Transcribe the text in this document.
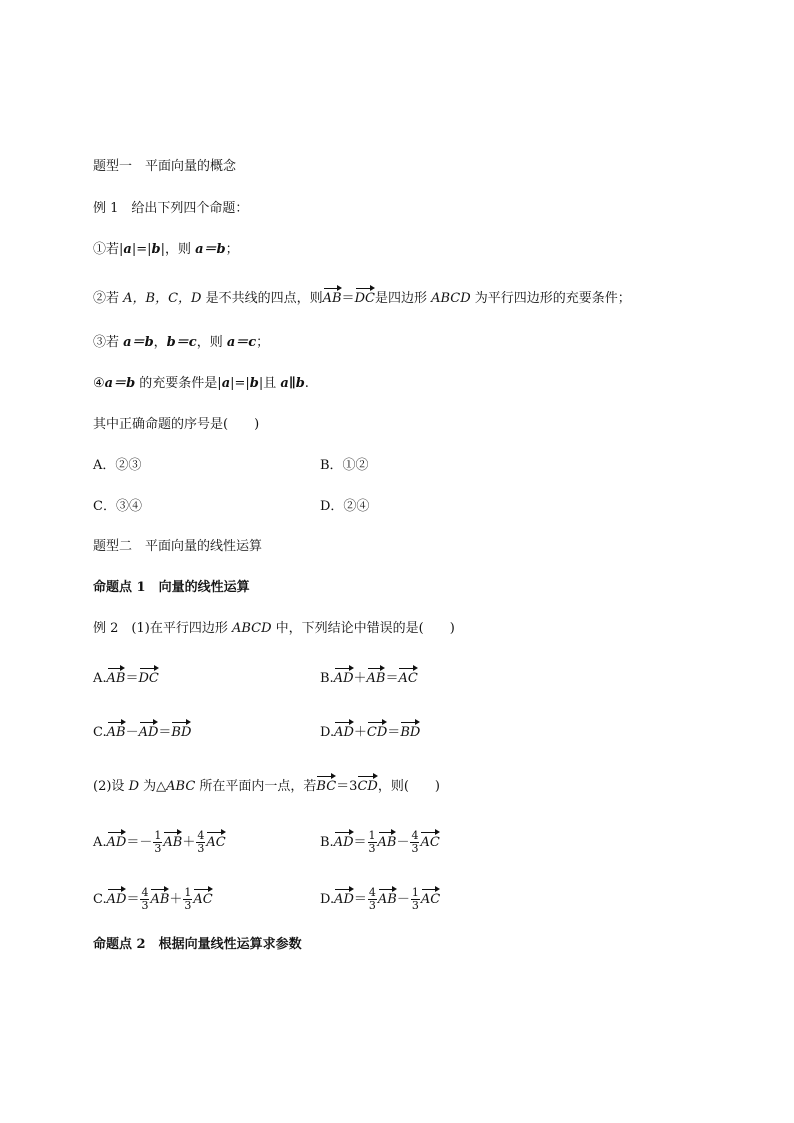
题型一　平面向量的概念
例 1　给出下列四个命题：
①若|a|=|b|，则 a＝b；
②若 A，B，C，D 是不共线的四点，则AB＝DC是四边形 ABCD 为平行四边形的充要条件；
③若 a＝b，b＝c，则 a＝c；
④a＝b 的充要条件是|a|=|b|且 a∥b.
其中正确命题的序号是(　　)
A．②③	B．①②
C．③④	D．②④
题型二　平面向量的线性运算
命题点 1　向量的线性运算
例 2　(1)在平行四边形 ABCD 中，下列结论中错误的是(　　)
A.AB＝DC	B.AD＋AB＝AC
C.AB－AD＝BD	D.AD＋CD＝BD
(2)设 D 为△ABC 所在平面内一点，若BC＝3CD，则(　　)
$A.AD=- \frac{1}{3} AB+ \frac{4}{3}$ AC	$B.AD= \frac{1}{3} AB- \frac{4}{3}$ AC
$C.AD= \frac{4}{3} AB+ \frac{1}{3}$ AC	$D.AD= \frac{4}{3} AB- \frac{1}{3}$ AC
命题点 2　根据向量线性运算求参数
